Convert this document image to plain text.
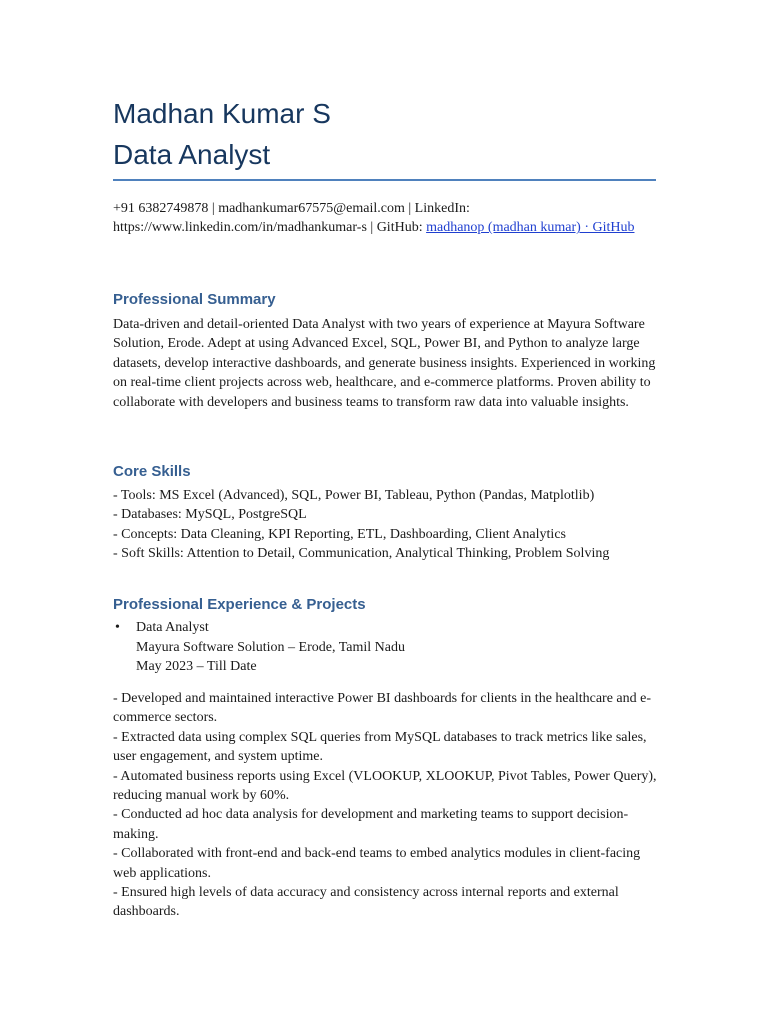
Madhan Kumar S
Data Analyst
+91 6382749878 | madhankumar67575@email.com | LinkedIn: https://www.linkedin.com/in/madhankumar-s | GitHub: madhanop (madhan kumar) · GitHub
Professional Summary

Data-driven and detail-oriented Data Analyst with two years of experience at Mayura Software Solution, Erode. Adept at using Advanced Excel, SQL, Power BI, and Python to analyze large datasets, develop interactive dashboards, and generate business insights. Experienced in working on real-time client projects across web, healthcare, and e-commerce platforms. Proven ability to collaborate with developers and business teams to transform raw data into valuable insights.

Core Skills

- Tools: MS Excel (Advanced), SQL, Power BI, Tableau, Python (Pandas, Matplotlib)

- Databases: MySQL, PostgreSQL

- Concepts: Data Cleaning, KPI Reporting, ETL, Dashboarding, Client Analytics

- Soft Skills: Attention to Detail, Communication, Analytical Thinking, Problem Solving

Professional Experience & Projects
• Data Analyst
Mayura Software Solution – Erode, Tamil Nadu
May 2023 – Till Date

- Developed and maintained interactive Power BI dashboards for clients in the healthcare and e-commerce sectors.

- Extracted data using complex SQL queries from MySQL databases to track metrics like sales, user engagement, and system uptime.

- Automated business reports using Excel (VLOOKUP, XLOOKUP, Pivot Tables, Power Query), reducing manual work by 60%.

- Conducted ad hoc data analysis for development and marketing teams to support decision-making.

- Collaborated with front-end and back-end teams to embed analytics modules in client-facing web applications.

- Ensured high levels of data accuracy and consistency across internal reports and external dashboards.
